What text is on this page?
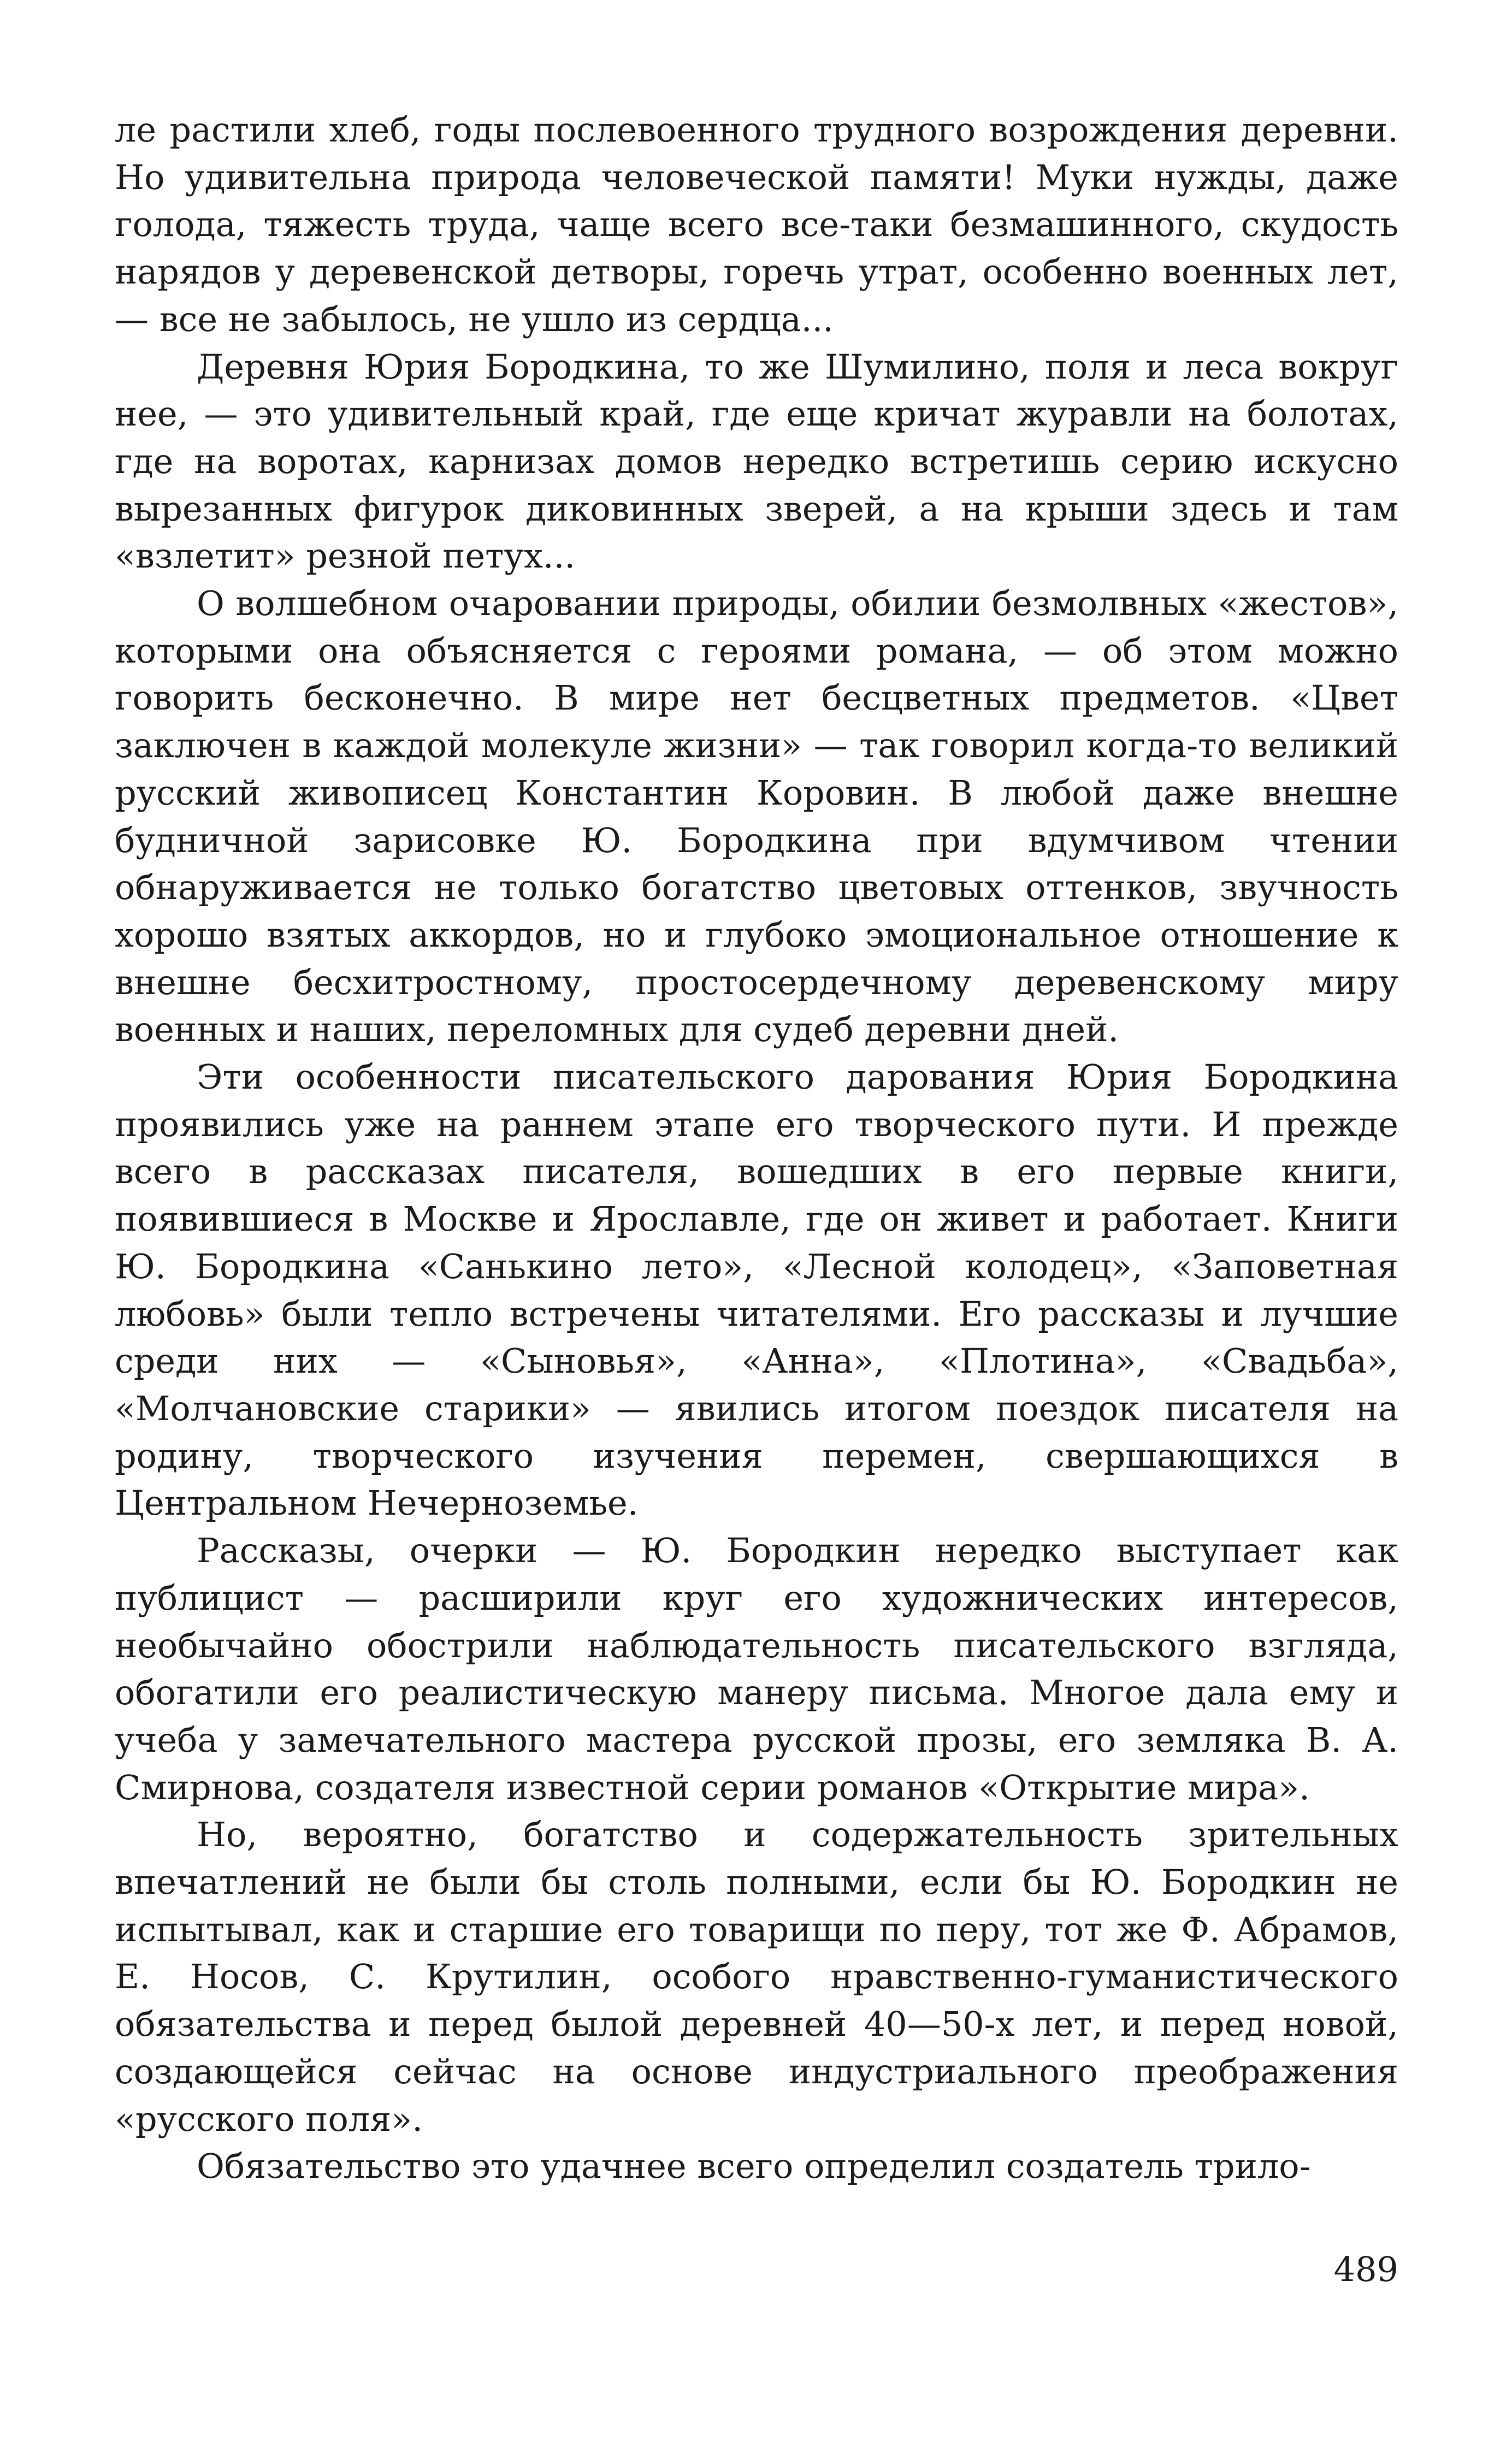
ле растили хлеб, годы послевоенного трудного возрождения деревни. Но удивительна природа человеческой памяти! Муки нужды, даже голода, тяжесть труда, чаще всего все-таки безмашинного, скудость нарядов у деревенской детворы, горечь утрат, особенно военных лет, — все не забылось, не ушло из сердца...

Деревня Юрия Бородкина, то же Шумилино, поля и леса вокруг нее, — это удивительный край, где еще кричат журавли на болотах, где на воротах, карнизах домов нередко встретишь серию искусно вырезанных фигурок диковинных зверей, а на крыши здесь и там «взлетит» резной петух...

О волшебном очаровании природы, обилии безмолвных «жестов», которыми она объясняется с героями романа, — об этом можно говорить бесконечно. В мире нет бесцветных предметов. «Цвет заключен в каждой молекуле жизни» — так говорил когда-то великий русский живописец Константин Коровин. В любой даже внешне будничной зарисовке Ю. Бородкина при вдумчивом чтении обнаруживается не только богатство цветовых оттенков, звучность хорошо взятых аккордов, но и глубоко эмоциональное отношение к внешне бесхитростному, простосердечному деревенскому миру военных и наших, переломных для судеб деревни дней.

Эти особенности писательского дарования Юрия Бородкина проявились уже на раннем этапе его творческого пути. И прежде всего в рассказах писателя, вошедших в его первые книги, появившиеся в Москве и Ярославле, где он живет и работает. Книги Ю. Бородкина «Санькино лето», «Лесной колодец», «Заповетная любовь» были тепло встречены читателями. Его рассказы и лучшие среди них — «Сыновья», «Анна», «Плотина», «Свадьба», «Молчановские старики» — явились итогом поездок писателя на родину, творческого изучения перемен, свершающихся в Центральном Нечерноземье.

Рассказы, очерки — Ю. Бородкин нередко выступает как публицист — расширили круг его художнических интересов, необычайно обострили наблюдательность писательского взгляда, обогатили его реалистическую манеру письма. Многое дала ему и учеба у замечательного мастера русской прозы, его земляка В. А. Смирнова, создателя известной серии романов «Открытие мира».

Но, вероятно, богатство и содержательность зрительных впечатлений не были бы столь полными, если бы Ю. Бородкин не испытывал, как и старшие его товарищи по перу, тот же Ф. Абрамов, Е. Носов, С. Крутилин, особого нравственно-гуманистического обязательства и перед былой деревней 40—50-х лет, и перед новой, создающейся сейчас на основе индустриального преображения «русского поля».

Обязательство это удачнее всего определил создатель трило-

489
